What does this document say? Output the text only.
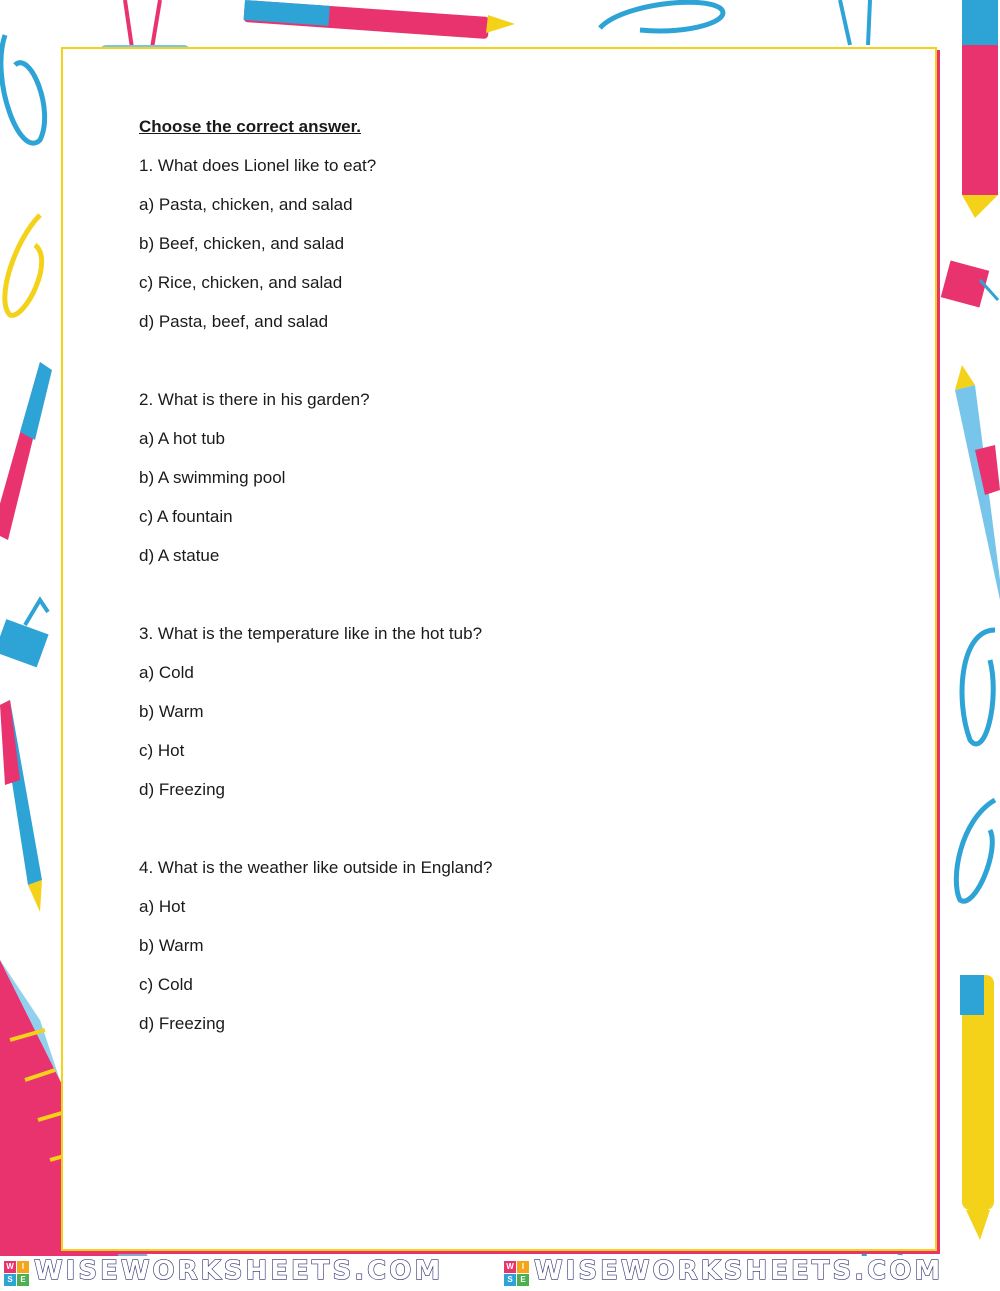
Choose the correct answer.
1. What does Lionel like to eat?
a) Pasta, chicken, and salad
b) Beef, chicken, and salad
c) Rice, chicken, and salad
d) Pasta, beef, and salad
2. What is there in his garden?
a) A hot tub
b) A swimming pool
c) A fountain
d) A statue
3. What is the temperature like in the hot tub?
a) Cold
b) Warm
c) Hot
d) Freezing
4. What is the weather like outside in England?
a) Hot
b) Warm
c) Cold
d) Freezing
W	I
S E WISEWORKSHEETS.COM	W	I
S E WISEWORKSHEETS.COM
